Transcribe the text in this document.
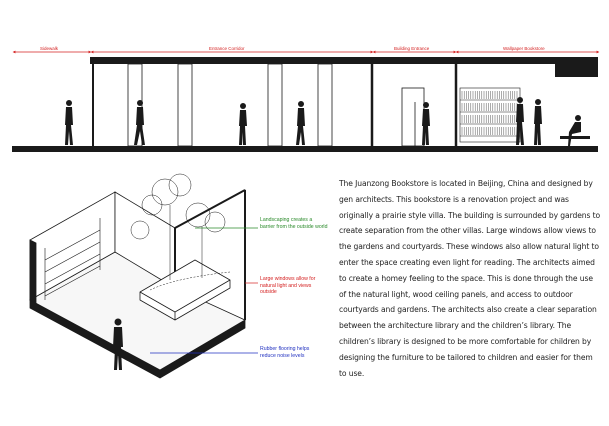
Sidewalk	Entrance Corridor	Building Entrance	Wallpaper Bookstore
Landscaping creates a barrier from the outside world
Large windows allow for natural light and views outside
Rubber flooring helps reduce noise levels

The Juanzong Bookstore is located in Beijing, China and designed by gen architects. This bookstore is a renovation project and was originally a prairie style villa. The building is surrounded by gardens to create separation from the other villas. Large windows allow views to the gardens and courtyards. These windows also allow natural light to enter the space creating even light for reading. The architects aimed to create a homey feeling to the space. This is done through the use of the natural light, wood ceiling panels, and access to outdoor courtyards and gardens. The architects also create a clear separation between the architecture library and the children’s library. The children’s library is designed to be more comfortable for children by designing the furniture to be tailored to children and easier for them to use.
